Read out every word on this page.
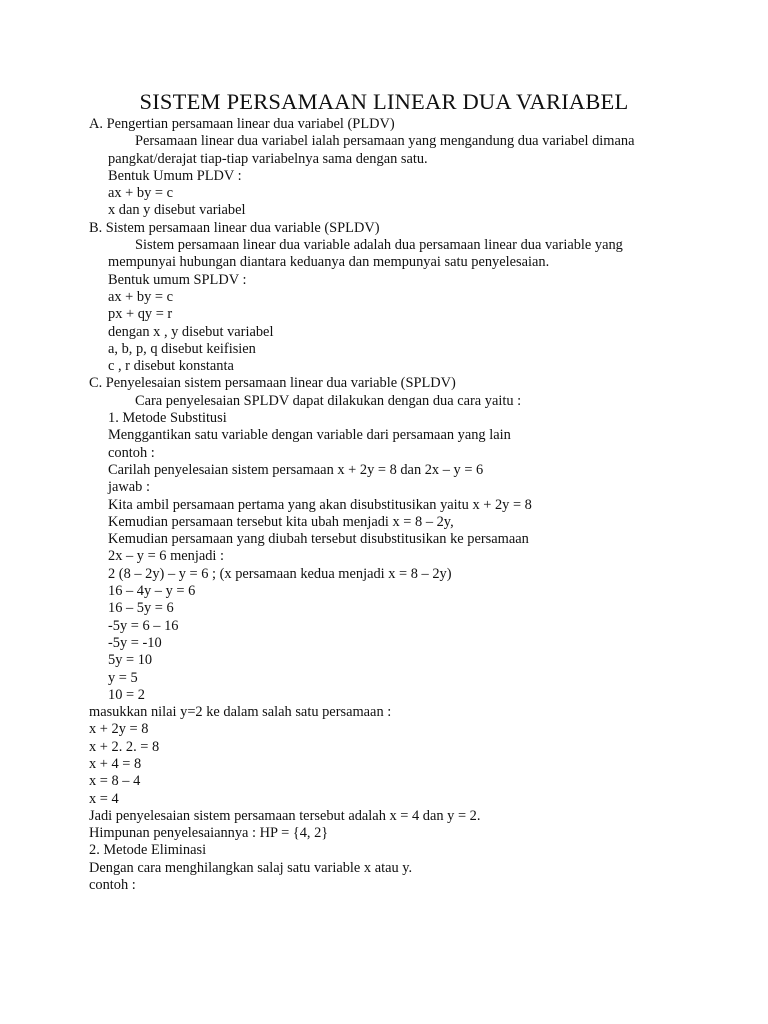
SISTEM PERSAMAAN LINEAR DUA VARIABEL
A. Pengertian persamaan linear dua variabel (PLDV)
Persamaan linear dua variabel ialah persamaan yang mengandung dua variabel dimana
pangkat/derajat tiap-tiap variabelnya sama dengan satu.
Bentuk Umum PLDV :
ax + by = c
x dan y disebut variabel
B. Sistem persamaan linear dua variable (SPLDV)
Sistem persamaan linear dua variable adalah dua persamaan linear dua variable yang
mempunyai hubungan diantara keduanya dan mempunyai satu penyelesaian.
Bentuk umum SPLDV :
ax + by = c
px + qy = r
dengan x , y disebut variabel
a, b, p, q disebut keifisien
c , r disebut konstanta
C. Penyelesaian sistem persamaan linear dua variable (SPLDV)
Cara penyelesaian SPLDV dapat dilakukan dengan dua cara yaitu :
1. Metode Substitusi
Menggantikan satu variable dengan variable dari persamaan yang lain
contoh :
Carilah penyelesaian sistem persamaan x + 2y = 8 dan 2x – y = 6
jawab :
Kita ambil persamaan pertama yang akan disubstitusikan yaitu x + 2y = 8
Kemudian persamaan tersebut kita ubah menjadi x = 8 – 2y,
Kemudian persamaan yang diubah tersebut disubstitusikan ke persamaan
2x – y = 6 menjadi :
2 (8 – 2y) – y = 6 ; (x persamaan kedua menjadi x = 8 – 2y)
16 – 4y – y = 6
16 – 5y = 6
-5y = 6 – 16
-5y = -10
5y = 10
y = 5
10 = 2
masukkan nilai y=2 ke dalam salah satu persamaan :
x + 2y = 8
x + 2. 2. = 8
x + 4 = 8
x = 8 – 4
x = 4
Jadi penyelesaian sistem persamaan tersebut adalah x = 4 dan y = 2.
Himpunan penyelesaiannya : HP = {4, 2}
2. Metode Eliminasi
Dengan cara menghilangkan salaj satu variable x atau y.
contoh :
